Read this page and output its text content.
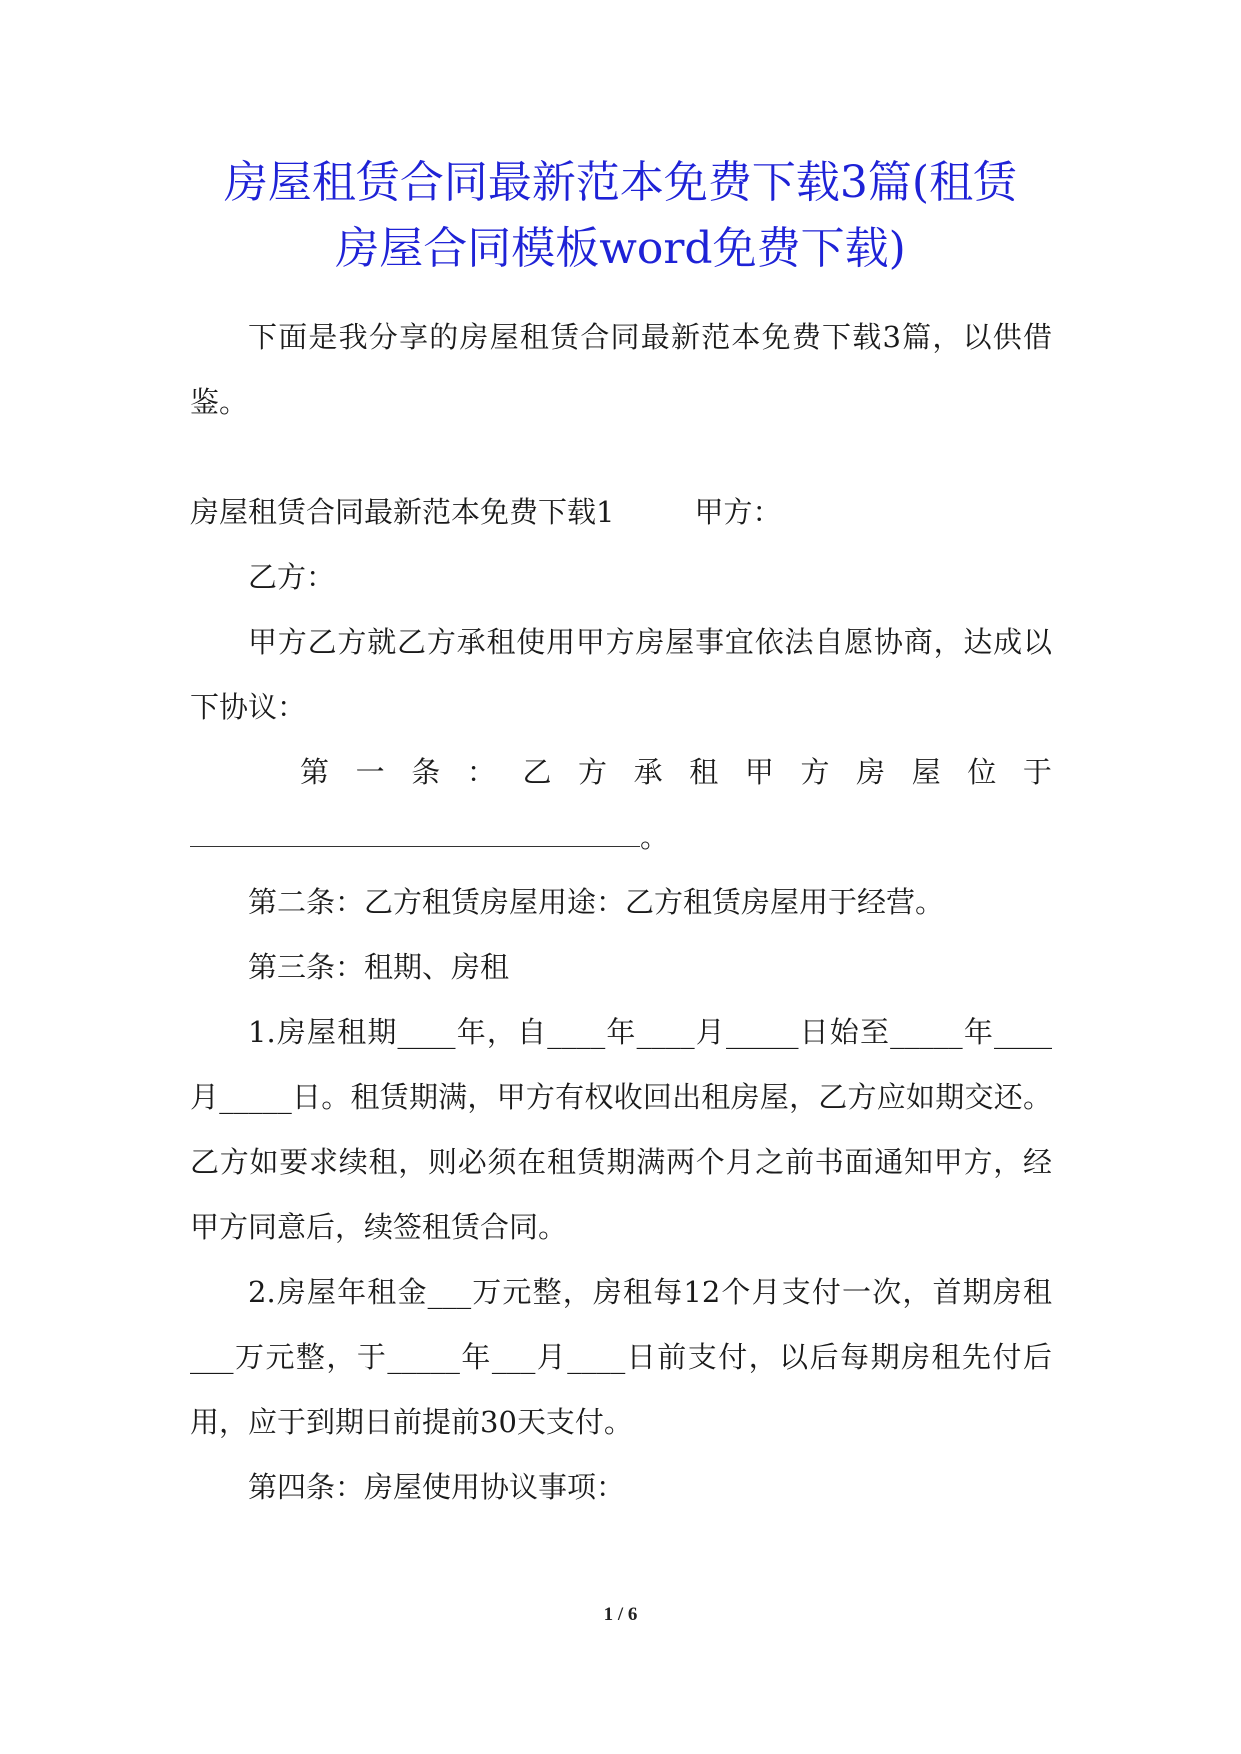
房屋租赁合同最新范本免费下载3篇(租赁
房屋合同模板word免费下载)

下面是我分享的房屋租赁合同最新范本免费下载3篇，以供借鉴。

房屋租赁合同最新范本免费下载1	甲方：

乙方：

甲方乙方就乙方承租使用甲方房屋事宜依法自愿协商，达成以下协议：

第 一 条 ： 乙 方 承 租 甲 方 房 屋 位 于

。

第二条：乙方租赁房屋用途：乙方租赁房屋用于经营。

第三条：租期、房租

1.房屋租期____年，自____年____月_____日始至_____年____月_____日。租赁期满，甲方有权收回出租房屋，乙方应如期交还。乙方如要求续租，则必须在租赁期满两个月之前书面通知甲方，经甲方同意后，续签租赁合同。

2.房屋年租金___万元整，房租每12个月支付一次，首期房租___万元整，于_____年___月____日前支付，以后每期房租先付后用，应于到期日前提前30天支付。

第四条：房屋使用协议事项：

1 / 6
